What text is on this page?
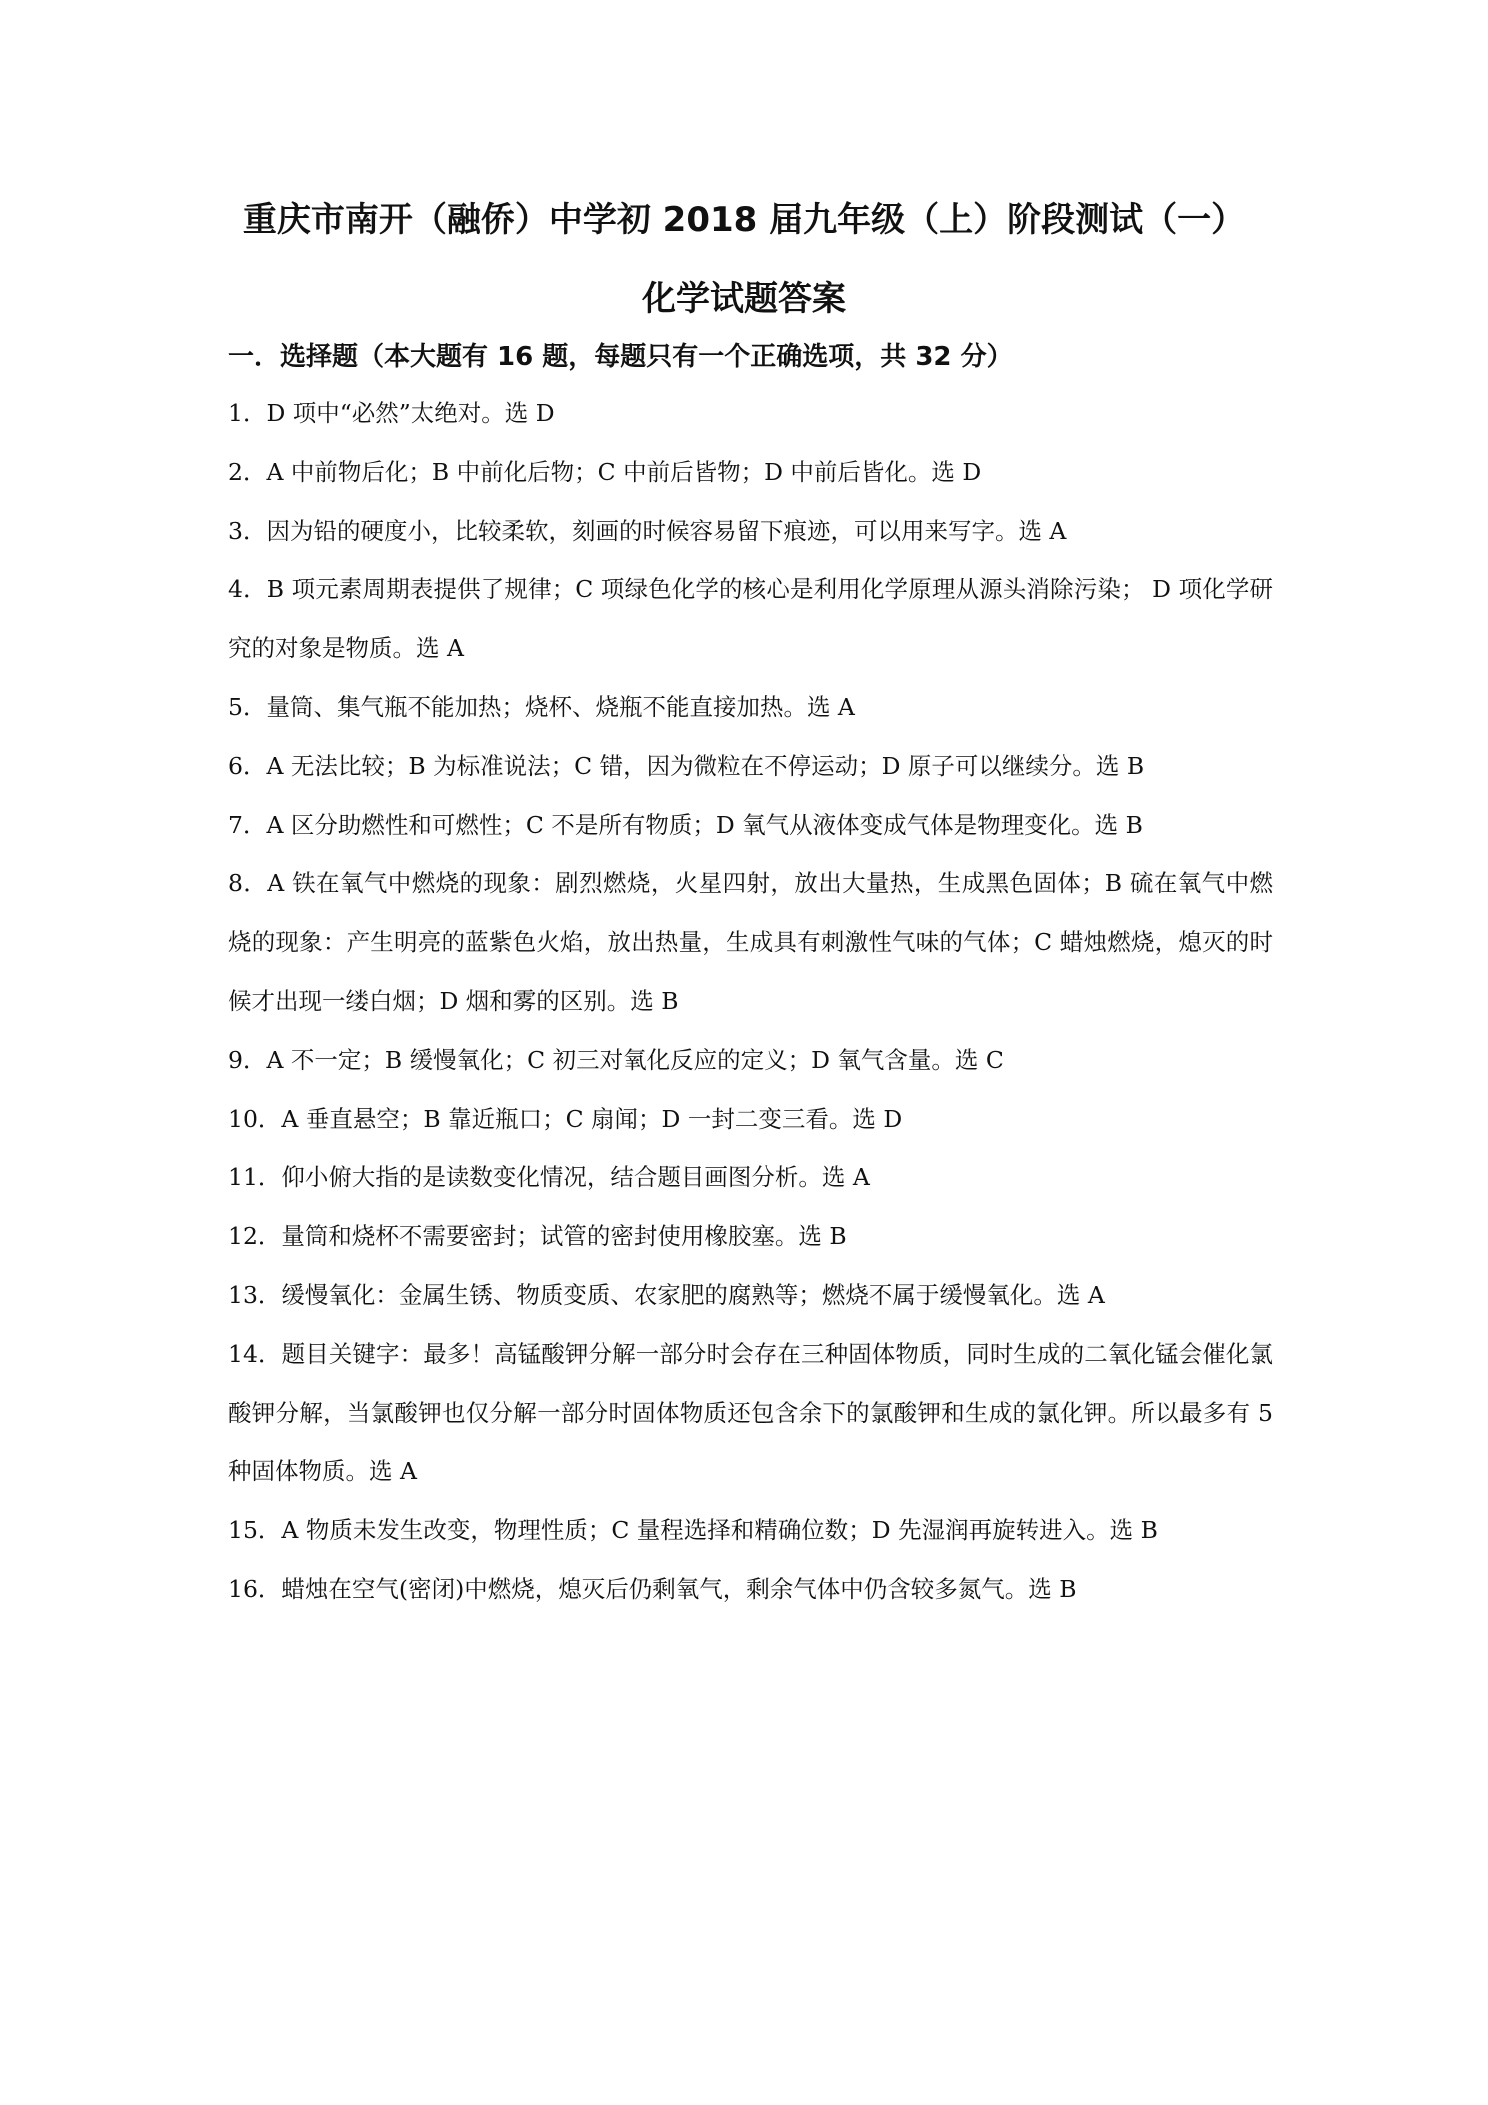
重庆市南开（融侨）中学初 2018 届九年级（上）阶段测试（一）
化学试题答案
一．选择题（本大题有 16 题，每题只有一个正确选项，共 32 分）
1．D 项中“必然”太绝对。选 D
2．A 中前物后化；B 中前化后物；C 中前后皆物；D 中前后皆化。选 D
3．因为铅的硬度小，比较柔软，刻画的时候容易留下痕迹，可以用来写字。选 A
4．B 项元素周期表提供了规律；C 项绿色化学的核心是利用化学原理从源头消除污染； D 项化学研究的对象是物质。选 A
5．量筒、集气瓶不能加热；烧杯、烧瓶不能直接加热。选 A
6．A 无法比较；B 为标准说法；C 错，因为微粒在不停运动；D 原子可以继续分。选 B
7．A 区分助燃性和可燃性；C 不是所有物质；D 氧气从液体变成气体是物理变化。选 B
8．A 铁在氧气中燃烧的现象：剧烈燃烧，火星四射，放出大量热，生成黑色固体；B 硫在氧气中燃烧的现象：产生明亮的蓝紫色火焰，放出热量，生成具有刺激性气味的气体；C 蜡烛燃烧，熄灭的时候才出现一缕白烟；D 烟和雾的区别。选 B
9．A 不一定；B 缓慢氧化；C 初三对氧化反应的定义；D 氧气含量。选 C
10．A 垂直悬空；B 靠近瓶口；C 扇闻；D 一封二变三看。选 D
11．仰小俯大指的是读数变化情况，结合题目画图分析。选 A
12．量筒和烧杯不需要密封；试管的密封使用橡胶塞。选 B
13．缓慢氧化：金属生锈、物质变质、农家肥的腐熟等；燃烧不属于缓慢氧化。选 A
14．题目关键字：最多！高锰酸钾分解一部分时会存在三种固体物质，同时生成的二氧化锰会催化氯酸钾分解，当氯酸钾也仅分解一部分时固体物质还包含余下的氯酸钾和生成的氯化钾。所以最多有 5 种固体物质。选 A
15．A 物质未发生改变，物理性质；C 量程选择和精确位数；D 先湿润再旋转进入。选 B
16．蜡烛在空气(密闭)中燃烧，熄灭后仍剩氧气，剩余气体中仍含较多氮气。选 B
